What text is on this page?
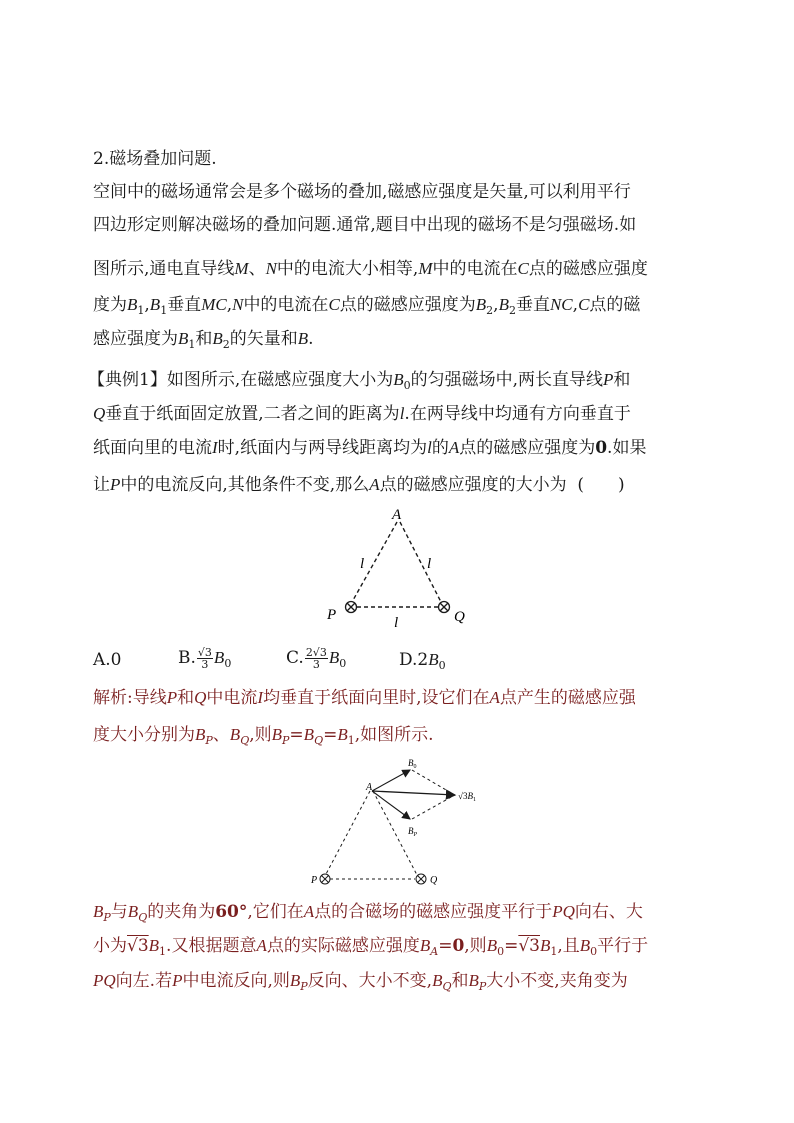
2.磁场叠加问题.
空间中的磁场通常会是多个磁场的叠加,磁感应强度是矢量,可以利用平行
四边形定则解决磁场的叠加问题.通常,题目中出现的磁场不是匀强磁场.如
图所示,通电直导线M、N中的电流大小相等,M中的电流在C点的磁感应强度
度为$B_1,B_1$垂直MC,N中的电流在C点的磁感应强度为$B_2,B_2$垂直NC,C点的磁
感应强度为$B_1$和$B_2$的矢量和B.
【典例1】如图所示,在磁感应强度大小为$B_0$的匀强磁场中,两长直导线P和
Q垂直于纸面固定放置,二者之间的距离为l.在两导线中均通有方向垂直于
纸面向里的电流I时,纸面内与两导线距离均为l的A点的磁感应强度为0.如果
让P中的电流反向,其他条件不变,那么A点的磁感应强度的大小为 (　　)
A
P	Q
l	l
l
A.0	B. $\frac{√3}{3} B_0$	C. $\frac{2√3}{3} B_0$	$D.2B_0$
解析:导线P和Q中电流I均垂直于纸面向里时,设它们在A点产生的磁感应强
度大小分别为$B_P$、$B_Q$,则$B_P=B_Q=B_1$,如图所示.
A
P	Q
$B_0$
$B_P$
$√3B_1$
$B_P$与$B_Q$的夹角为60°,它们在A点的合磁场的磁感应强度平行于PQ向右、大
小为$√3B_1$.又根据题意A点的实际磁感应强度$B_A=0$,则$B_0=√3B_1$,且$B_0$平行于
PQ向左.若P中电流反向,则$B_P$反向、大小不变$,B_Q$和$B_P$大小不变,夹角变为
